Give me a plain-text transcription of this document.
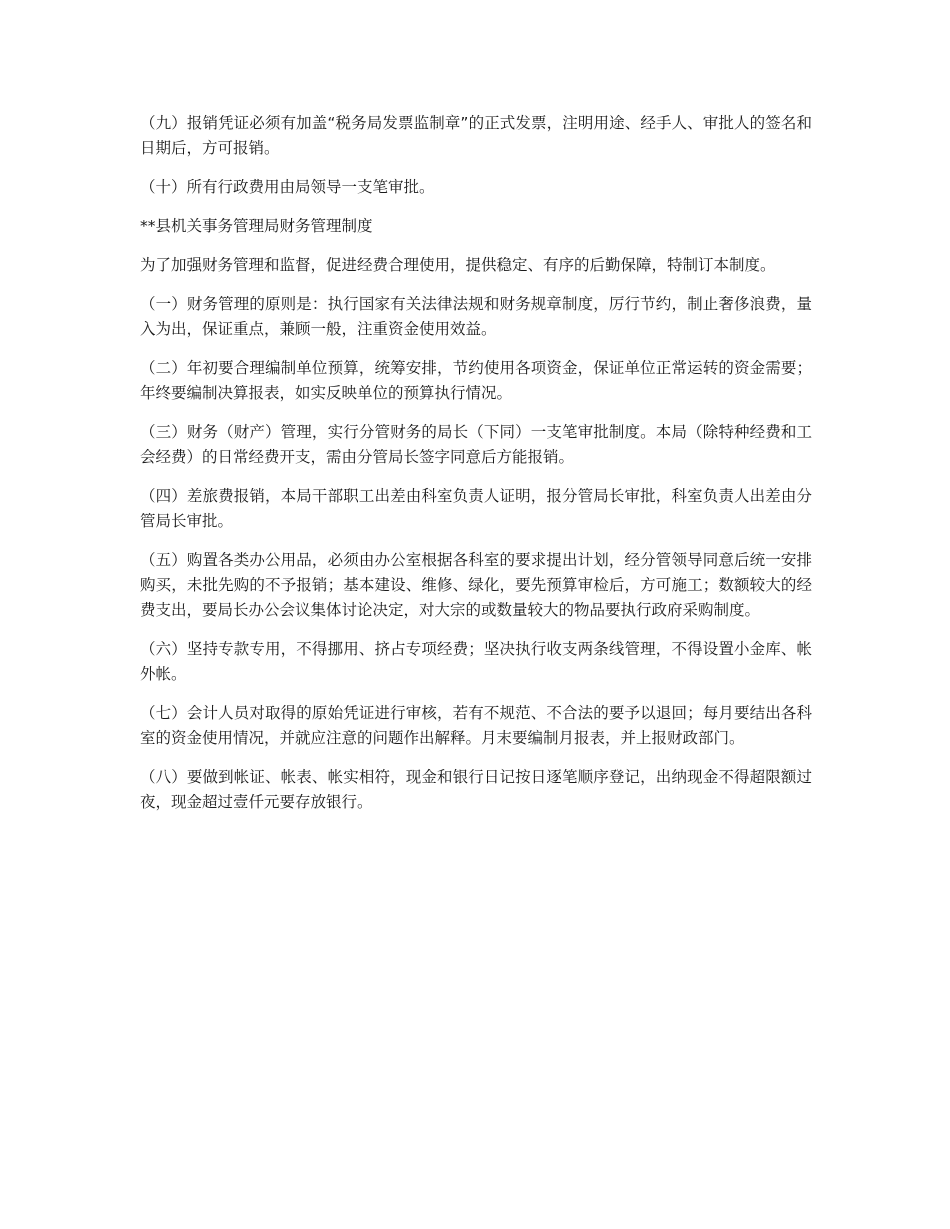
（九）报销凭证必须有加盖“税务局发票监制章”的正式发票，注明用途、经手人、审批人的签名和日期后，方可报销。

（十）所有行政费用由局领导一支笔审批。

**县机关事务管理局财务管理制度

为了加强财务管理和监督，促进经费合理使用，提供稳定、有序的后勤保障，特制订本制度。

（一）财务管理的原则是：执行国家有关法律法规和财务规章制度，厉行节约，制止奢侈浪费，量入为出，保证重点，兼顾一般，注重资金使用效益。

（二）年初要合理编制单位预算，统筹安排，节约使用各项资金，保证单位正常运转的资金需要；年终要编制决算报表，如实反映单位的预算执行情况。

（三）财务（财产）管理，实行分管财务的局长（下同）一支笔审批制度。本局（除特种经费和工会经费）的日常经费开支，需由分管局长签字同意后方能报销。

（四）差旅费报销，本局干部职工出差由科室负责人证明，报分管局长审批，科室负责人出差由分管局长审批。

（五）购置各类办公用品，必须由办公室根据各科室的要求提出计划，经分管领导同意后统一安排购买，未批先购的不予报销；基本建设、维修、绿化，要先预算审检后，方可施工；数额较大的经费支出，要局长办公会议集体讨论决定，对大宗的或数量较大的物品要执行政府采购制度。

（六）坚持专款专用，不得挪用、挤占专项经费；坚决执行收支两条线管理，不得设置小金库、帐外帐。

（七）会计人员对取得的原始凭证进行审核，若有不规范、不合法的要予以退回；每月要结出各科室的资金使用情况，并就应注意的问题作出解释。月末要编制月报表，并上报财政部门。

（八）要做到帐证、帐表、帐实相符，现金和银行日记按日逐笔顺序登记，出纳现金不得超限额过夜，现金超过壹仟元要存放银行。
